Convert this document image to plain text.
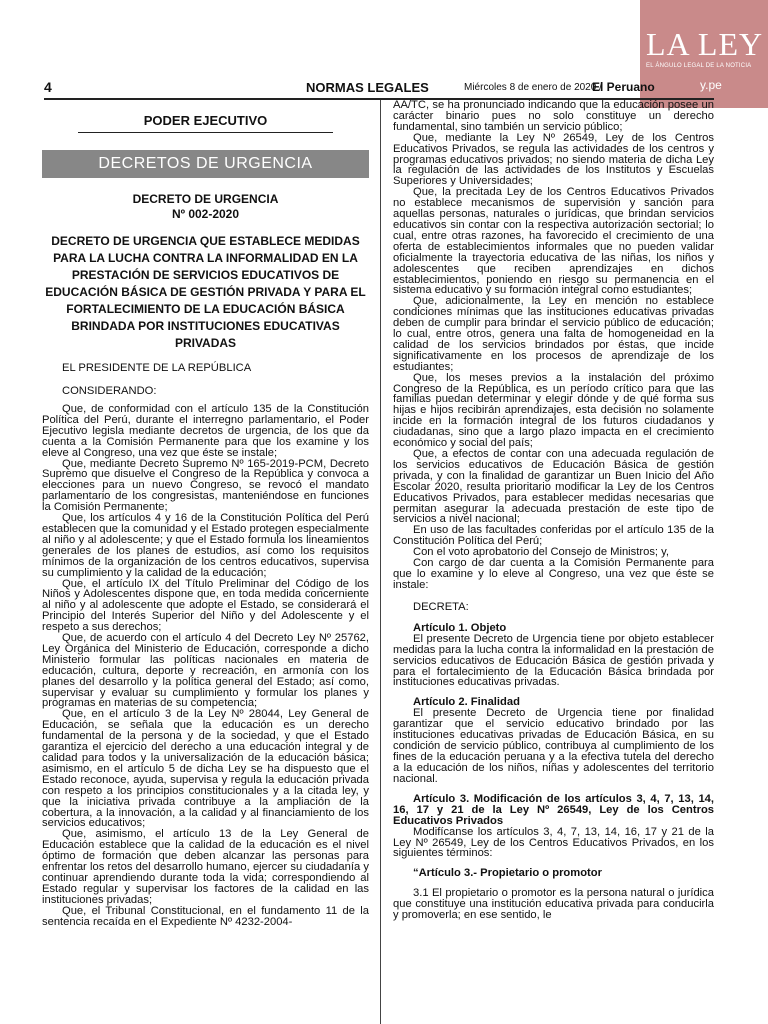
LA LEY
EL ÁNGULO LEGAL DE LA NOTICIA
y.pe
4	NORMAS LEGALES	Miércoles 8 de enero de 2020 /
El Peruano
PODER EJECUTIVO
DECRETOS DE URGENCIA
DECRETO DE URGENCIA
Nº 002-2020
DECRETO DE URGENCIA QUE ESTABLECE MEDIDAS PARA LA LUCHA CONTRA LA INFORMALIDAD EN LA PRESTACIÓN DE SERVICIOS EDUCATIVOS DE EDUCACIÓN BÁSICA DE GESTIÓN PRIVADA Y PARA EL FORTALECIMIENTO DE LA EDUCACIÓN BÁSICA BRINDADA POR INSTITUCIONES EDUCATIVAS PRIVADAS

EL PRESIDENTE DE LA REPÚBLICA

CONSIDERANDO:

Que, de conformidad con el artículo 135 de la Constitución Política del Perú, durante el interregno parlamentario, el Poder Ejecutivo legisla mediante decretos de urgencia, de los que da cuenta a la Comisión Permanente para que los examine y los eleve al Congreso, una vez que éste se instale;

Que, mediante Decreto Supremo Nº 165-2019-PCM, Decreto Supremo que disuelve el Congreso de la República y convoca a elecciones para un nuevo Congreso, se revocó el mandato parlamentario de los congresistas, manteniéndose en funciones la Comisión Permanente;

Que, los artículos 4 y 16 de la Constitución Política del Perú establecen que la comunidad y el Estado protegen especialmente al niño y al adolescente; y que el Estado formula los lineamientos generales de los planes de estudios, así como los requisitos mínimos de la organización de los centros educativos, supervisa su cumplimiento y la calidad de la educación;

Que, el artículo IX del Título Preliminar del Código de los Niños y Adolescentes dispone que, en toda medida concerniente al niño y al adolescente que adopte el Estado, se considerará el Principio del Interés Superior del Niño y del Adolescente y el respeto a sus derechos;

Que, de acuerdo con el artículo 4 del Decreto Ley Nº 25762, Ley Orgánica del Ministerio de Educación, corresponde a dicho Ministerio formular las políticas nacionales en materia de educación, cultura, deporte y recreación, en armonía con los planes del desarrollo y la política general del Estado; así como, supervisar y evaluar su cumplimiento y formular los planes y programas en materias de su competencia;

Que, en el artículo 3 de la Ley Nº 28044, Ley General de Educación, se señala que la educación es un derecho fundamental de la persona y de la sociedad, y que el Estado garantiza el ejercicio del derecho a una educación integral y de calidad para todos y la universalización de la educación básica; asimismo, en el artículo 5 de dicha Ley se ha dispuesto que el Estado reconoce, ayuda, supervisa y regula la educación privada con respeto a los principios constitucionales y a la citada ley, y que la iniciativa privada contribuye a la ampliación de la cobertura, a la innovación, a la calidad y al financiamiento de los servicios educativos;

Que, asimismo, el artículo 13 de la Ley General de Educación establece que la calidad de la educación es el nivel óptimo de formación que deben alcanzar las personas para enfrentar los retos del desarrollo humano, ejercer su ciudadanía y continuar aprendiendo durante toda la vida; correspondiendo al Estado regular y supervisar los factores de la calidad en las instituciones privadas;

Que, el Tribunal Constitucional, en el fundamento 11 de la sentencia recaída en el Expediente Nº 4232-2004-

AA/TC, se ha pronunciado indicando que la educación posee un carácter binario pues no solo constituye un derecho fundamental, sino también un servicio público;

Que, mediante la Ley Nº 26549, Ley de los Centros Educativos Privados, se regula las actividades de los centros y programas educativos privados; no siendo materia de dicha Ley la regulación de las actividades de los Institutos y Escuelas Superiores y Universidades;

Que, la precitada Ley de los Centros Educativos Privados no establece mecanismos de supervisión y sanción para aquellas personas, naturales o jurídicas, que brindan servicios educativos sin contar con la respectiva autorización sectorial; lo cual, entre otras razones, ha favorecido el crecimiento de una oferta de establecimientos informales que no pueden validar oficialmente la trayectoria educativa de las niñas, los niños y adolescentes que reciben aprendizajes en dichos establecimientos, poniendo en riesgo su permanencia en el sistema educativo y su formación integral como estudiantes;

Que, adicionalmente, la Ley en mención no establece condiciones mínimas que las instituciones educativas privadas deben de cumplir para brindar el servicio público de educación; lo cual, entre otros, genera una falta de homogeneidad en la calidad de los servicios brindados por éstas, que incide significativamente en los procesos de aprendizaje de los estudiantes;

Que, los meses previos a la instalación del próximo Congreso de la República, es un período crítico para que las familias puedan determinar y elegir dónde y de qué forma sus hijas e hijos recibirán aprendizajes, esta decisión no solamente incide en la formación integral de los futuros ciudadanos y ciudadanas, sino que a largo plazo impacta en el crecimiento económico y social del país;

Que, a efectos de contar con una adecuada regulación de los servicios educativos de Educación Básica de gestión privada, y con la finalidad de garantizar un Buen Inicio del Año Escolar 2020, resulta prioritario modificar la Ley de los Centros Educativos Privados, para establecer medidas necesarias que permitan asegurar la adecuada prestación de este tipo de servicios a nivel nacional;

En uso de las facultades conferidas por el artículo 135 de la Constitución Política del Perú;

Con el voto aprobatorio del Consejo de Ministros; y,

Con cargo de dar cuenta a la Comisión Permanente para que lo examine y lo eleve al Congreso, una vez que éste se instale:

DECRETA:

Artículo 1. Objeto

El presente Decreto de Urgencia tiene por objeto establecer medidas para la lucha contra la informalidad en la prestación de servicios educativos de Educación Básica de gestión privada y para el fortalecimiento de la Educación Básica brindada por instituciones educativas privadas.

Artículo 2. Finalidad

El presente Decreto de Urgencia tiene por finalidad garantizar que el servicio educativo brindado por las instituciones educativas privadas de Educación Básica, en su condición de servicio público, contribuya al cumplimiento de los fines de la educación peruana y a la efectiva tutela del derecho a la educación de los niños, niñas y adolescentes del territorio nacional.

Artículo 3. Modificación de los artículos 3, 4, 7, 13, 14, 16, 17 y 21 de la Ley Nº 26549, Ley de los Centros Educativos Privados

Modifícanse los artículos 3, 4, 7, 13, 14, 16, 17 y 21 de la Ley Nº 26549, Ley de los Centros Educativos Privados, en los siguientes términos:

“Artículo 3.- Propietario o promotor

3.1 El propietario o promotor es la persona natural o jurídica que constituye una institución educativa privada para conducirla y promoverla; en ese sentido, le
